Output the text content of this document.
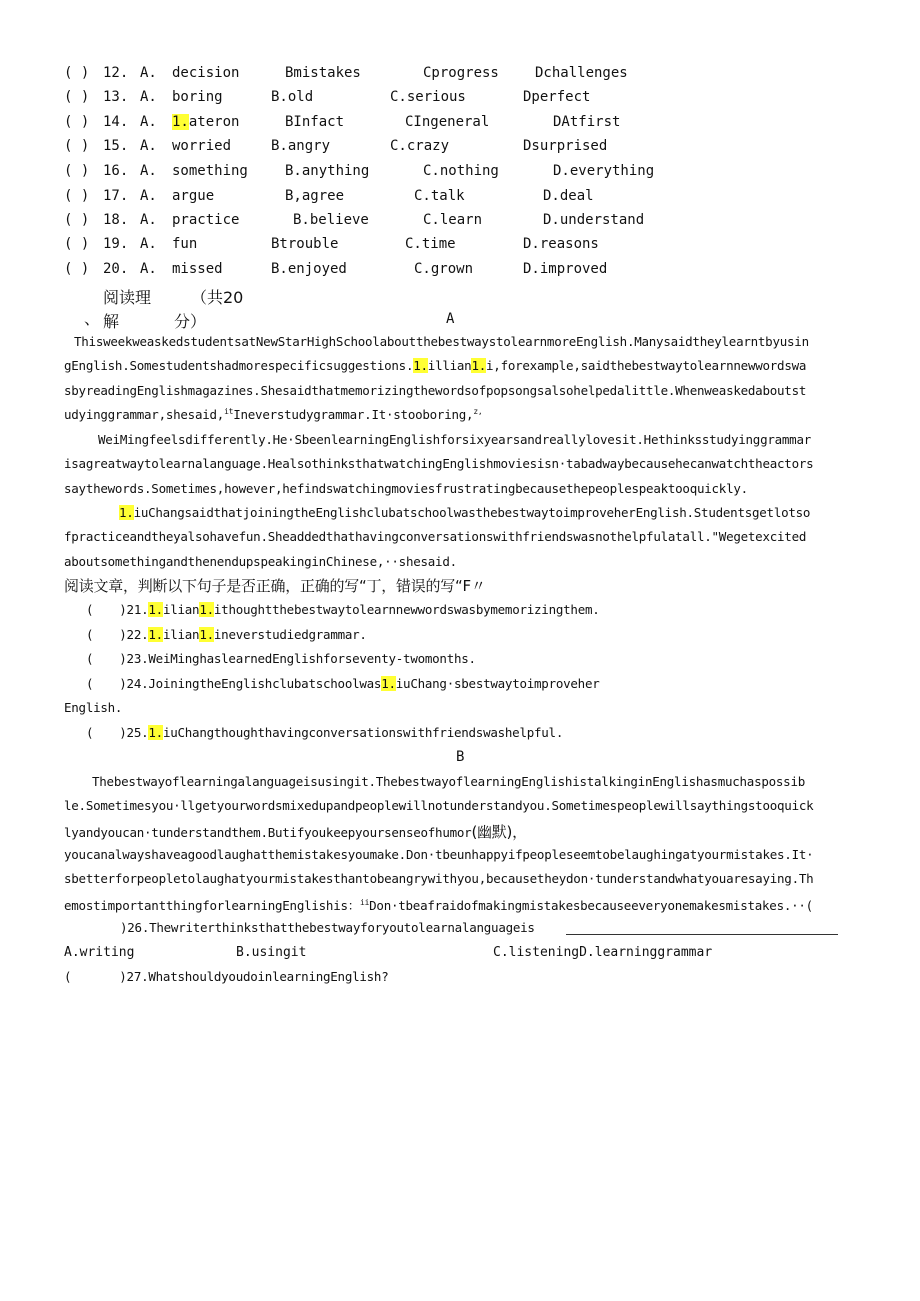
( ) 12. A. decision	Bmistakes	Cprogress	Dchallenges
( ) 13. A. boring	B.old	C.serious	Dperfect
( ) 14. A. 1.ateron	BInfact	CIngeneral	DAtfirst
( ) 15. A. worried	B.angry	C.crazy	Dsurprised
( ) 16. A. something	B.anything	C.nothing	D.everything
( ) 17. A. argue	B,agree	C.talk	D.deal
( ) 18. A. practice	B.believe	C.learn	D.understand
( ) 19. A. fun	Btrouble	C.time	D.reasons
( ) 20. A. missed	B.enjoyed	C.grown	D.improved
、
阅读理
解
（共20
分）	A
ThisweekweaskedstudentsatNewStarHighSchoolaboutthebestwaystolearnmoreEnglish.Manysaidtheylearntbyusin
gEnglish.Somestudentshadmorespecificsuggestions.1.illian1.i,forexample,saidthebestwaytolearnnewwordswa
sbyreadingEnglishmagazines.Shesaidthatmemorizingthewordsofpopsongsalsohelpedalittle.Whenweaskedaboutst
udyinggrammar,shesaid,$^{it}$Ineverstudygrammar.It·stooboring,$^{z,}$
WeiMingfeelsdifferently.He·SbeenlearningEnglishforsixyearsandreallylovesit.Hethinksstudyinggrammar
isagreatwaytolearnalanguage.HealsothinksthatwatchingEnglishmoviesisn·tabadwaybecausehecanwatchtheactors
saythewords.Sometimes,however,hefindswatchingmoviesfrustratingbecausethepeoplespeaktooquickly.
1.iuChangsaidthatjoiningtheEnglishclubatschoolwasthebestwaytoimproveherEnglish.Studentsgetlotso
fpracticeandtheyalsohavefun.Sheaddedthathavingconversationswithfriendswasnothelpfulatall."Wegetexcited
aboutsomethingandthenendupspeakinginChinese,··shesaid.
阅读文章，判断以下句子是否正确，正确的写“丁，错误的写“F〃
( )21.1.ilian1.ithoughtthebestwaytolearnnewwordswasbymemorizingthem.
( )22.1.ilian1.ineverstudiedgrammar.
( )23.WeiMinghaslearnedEnglishforseventy-twomonths.
( )24.JoiningtheEnglishclubatschoolwas1.iuChang·sbestwaytoimproveher
English.
( )25.1.iuChangthoughthavingconversationswithfriendswashelpful.
B
Thebestwayoflearningalanguageisusingit.ThebestwayoflearningEnglishistalkinginEnglishasmuchaspossib
le.Sometimesyou·llgetyourwordsmixedupandpeoplewillnotunderstandyou.Sometimespeoplewillsaythingstooquick
lyandyoucan·tunderstandthem.Butifyoukeepyoursenseofhumor(幽默)，
youcanalwayshaveagoodlaughatthemistakesyoumake.Don·tbeunhappyifpeopleseemtobelaughingatyourmistakes.It·
sbetterforpeopletolaughatyourmistakesthantobeangrywithyou,becausetheydon·tunderstandwhatyouaresaying.Th
emostimportantthingforlearningEnglishis：$^{ii}$Don·tbeafraidofmakingmistakesbecauseeveryonemakesmistakes.··(
)26.Thewriterthinksthatthebestwayforyoutolearnalanguageis
A.writing	B.usingit	C.listeningD.learninggrammar
(	)27.WhatshouldyoudoinlearningEnglish?
